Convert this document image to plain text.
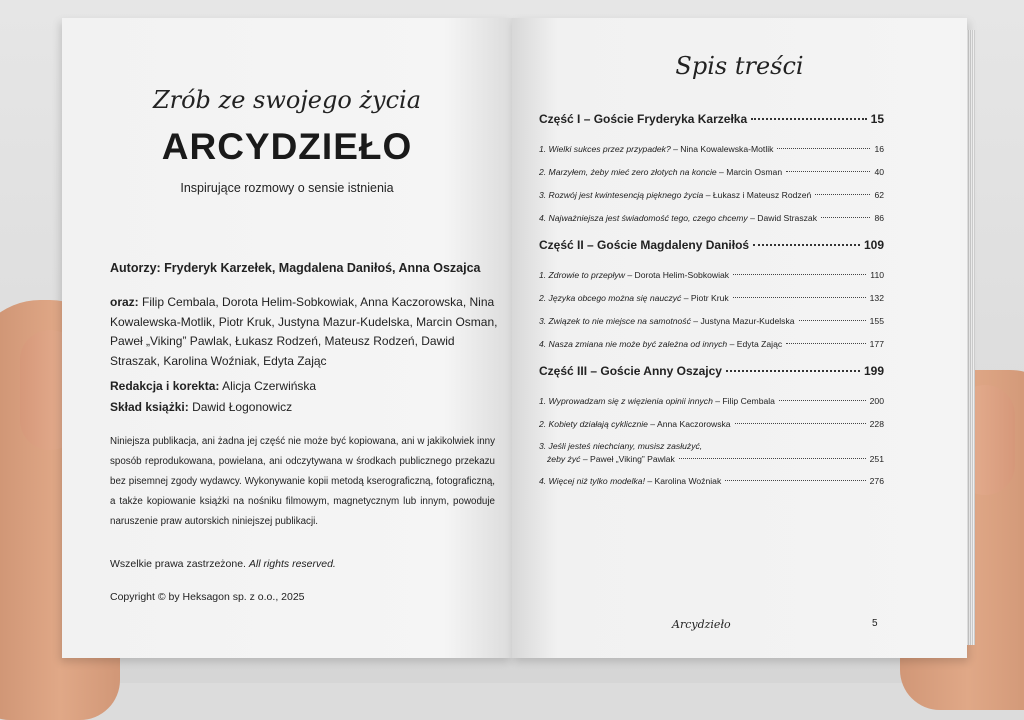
Zrób ze swojego życia
ARCYDZIEŁO
Inspirujące rozmowy o sensie istnienia
Autorzy: Fryderyk Karzełek, Magdalena Daniłoś, Anna Oszajca
oraz: Filip Cembala, Dorota Helim-Sobkowiak, Anna Kaczorowska, Nina Kowalewska-Motlik, Piotr Kruk, Justyna Mazur-Kudelska, Marcin Osman, Paweł „Viking” Pawlak, Łukasz Rodzeń, Mateusz Rodzeń, Dawid Straszak, Karolina Woźniak, Edyta Zając
Redakcja i korekta: Alicja Czerwińska
Skład książki: Dawid Łogonowicz
Niniejsza publikacja, ani żadna jej część nie może być kopiowana, ani w jakikolwiek inny sposób reprodukowana, powielana, ani odczytywana w środkach publicznego przekazu bez pisemnej zgody wydawcy. Wykonywanie kopii metodą kserograficzną, fotograficzną, a także kopiowanie książki na nośniku filmowym, magnetycznym lub innym, powoduje naruszenie praw autorskich niniejszej publikacji.
Wszelkie prawa zastrzeżone. All rights reserved.
Copyright © by Heksagon sp. z o.o., 2025
Spis treści
Część I – Goście Fryderyka Karzełka	15
1. Wielki sukces przez przypadek? – Nina Kowalewska-Motlik	16
2. Marzyłem, żeby mieć zero złotych na koncie – Marcin Osman	40
3. Rozwój jest kwintesencją pięknego życia – Łukasz i Mateusz Rodzeń	62
4. Najważniejsza jest świadomość tego, czego chcemy – Dawid Straszak	86
Część II – Goście Magdaleny Daniłoś	109
1. Zdrowie to przepływ – Dorota Helim-Sobkowiak	110
2. Języka obcego można się nauczyć – Piotr Kruk	132
3. Związek to nie miejsce na samotność – Justyna Mazur-Kudelska	155
4. Nasza zmiana nie może być zależna od innych – Edyta Zając	177
Część III – Goście Anny Oszajcy	199
1. Wyprowadzam się z więzienia opinii innych – Filip Cembala	200
2. Kobiety działają cyklicznie – Anna Kaczorowska	228
3. Jeśli jesteś niechciany, musisz zasłużyć,
żeby żyć – Paweł „Viking” Pawlak	251
4. Więcej niż tylko modelka! – Karolina Woźniak	276
Arcydzieło	5
